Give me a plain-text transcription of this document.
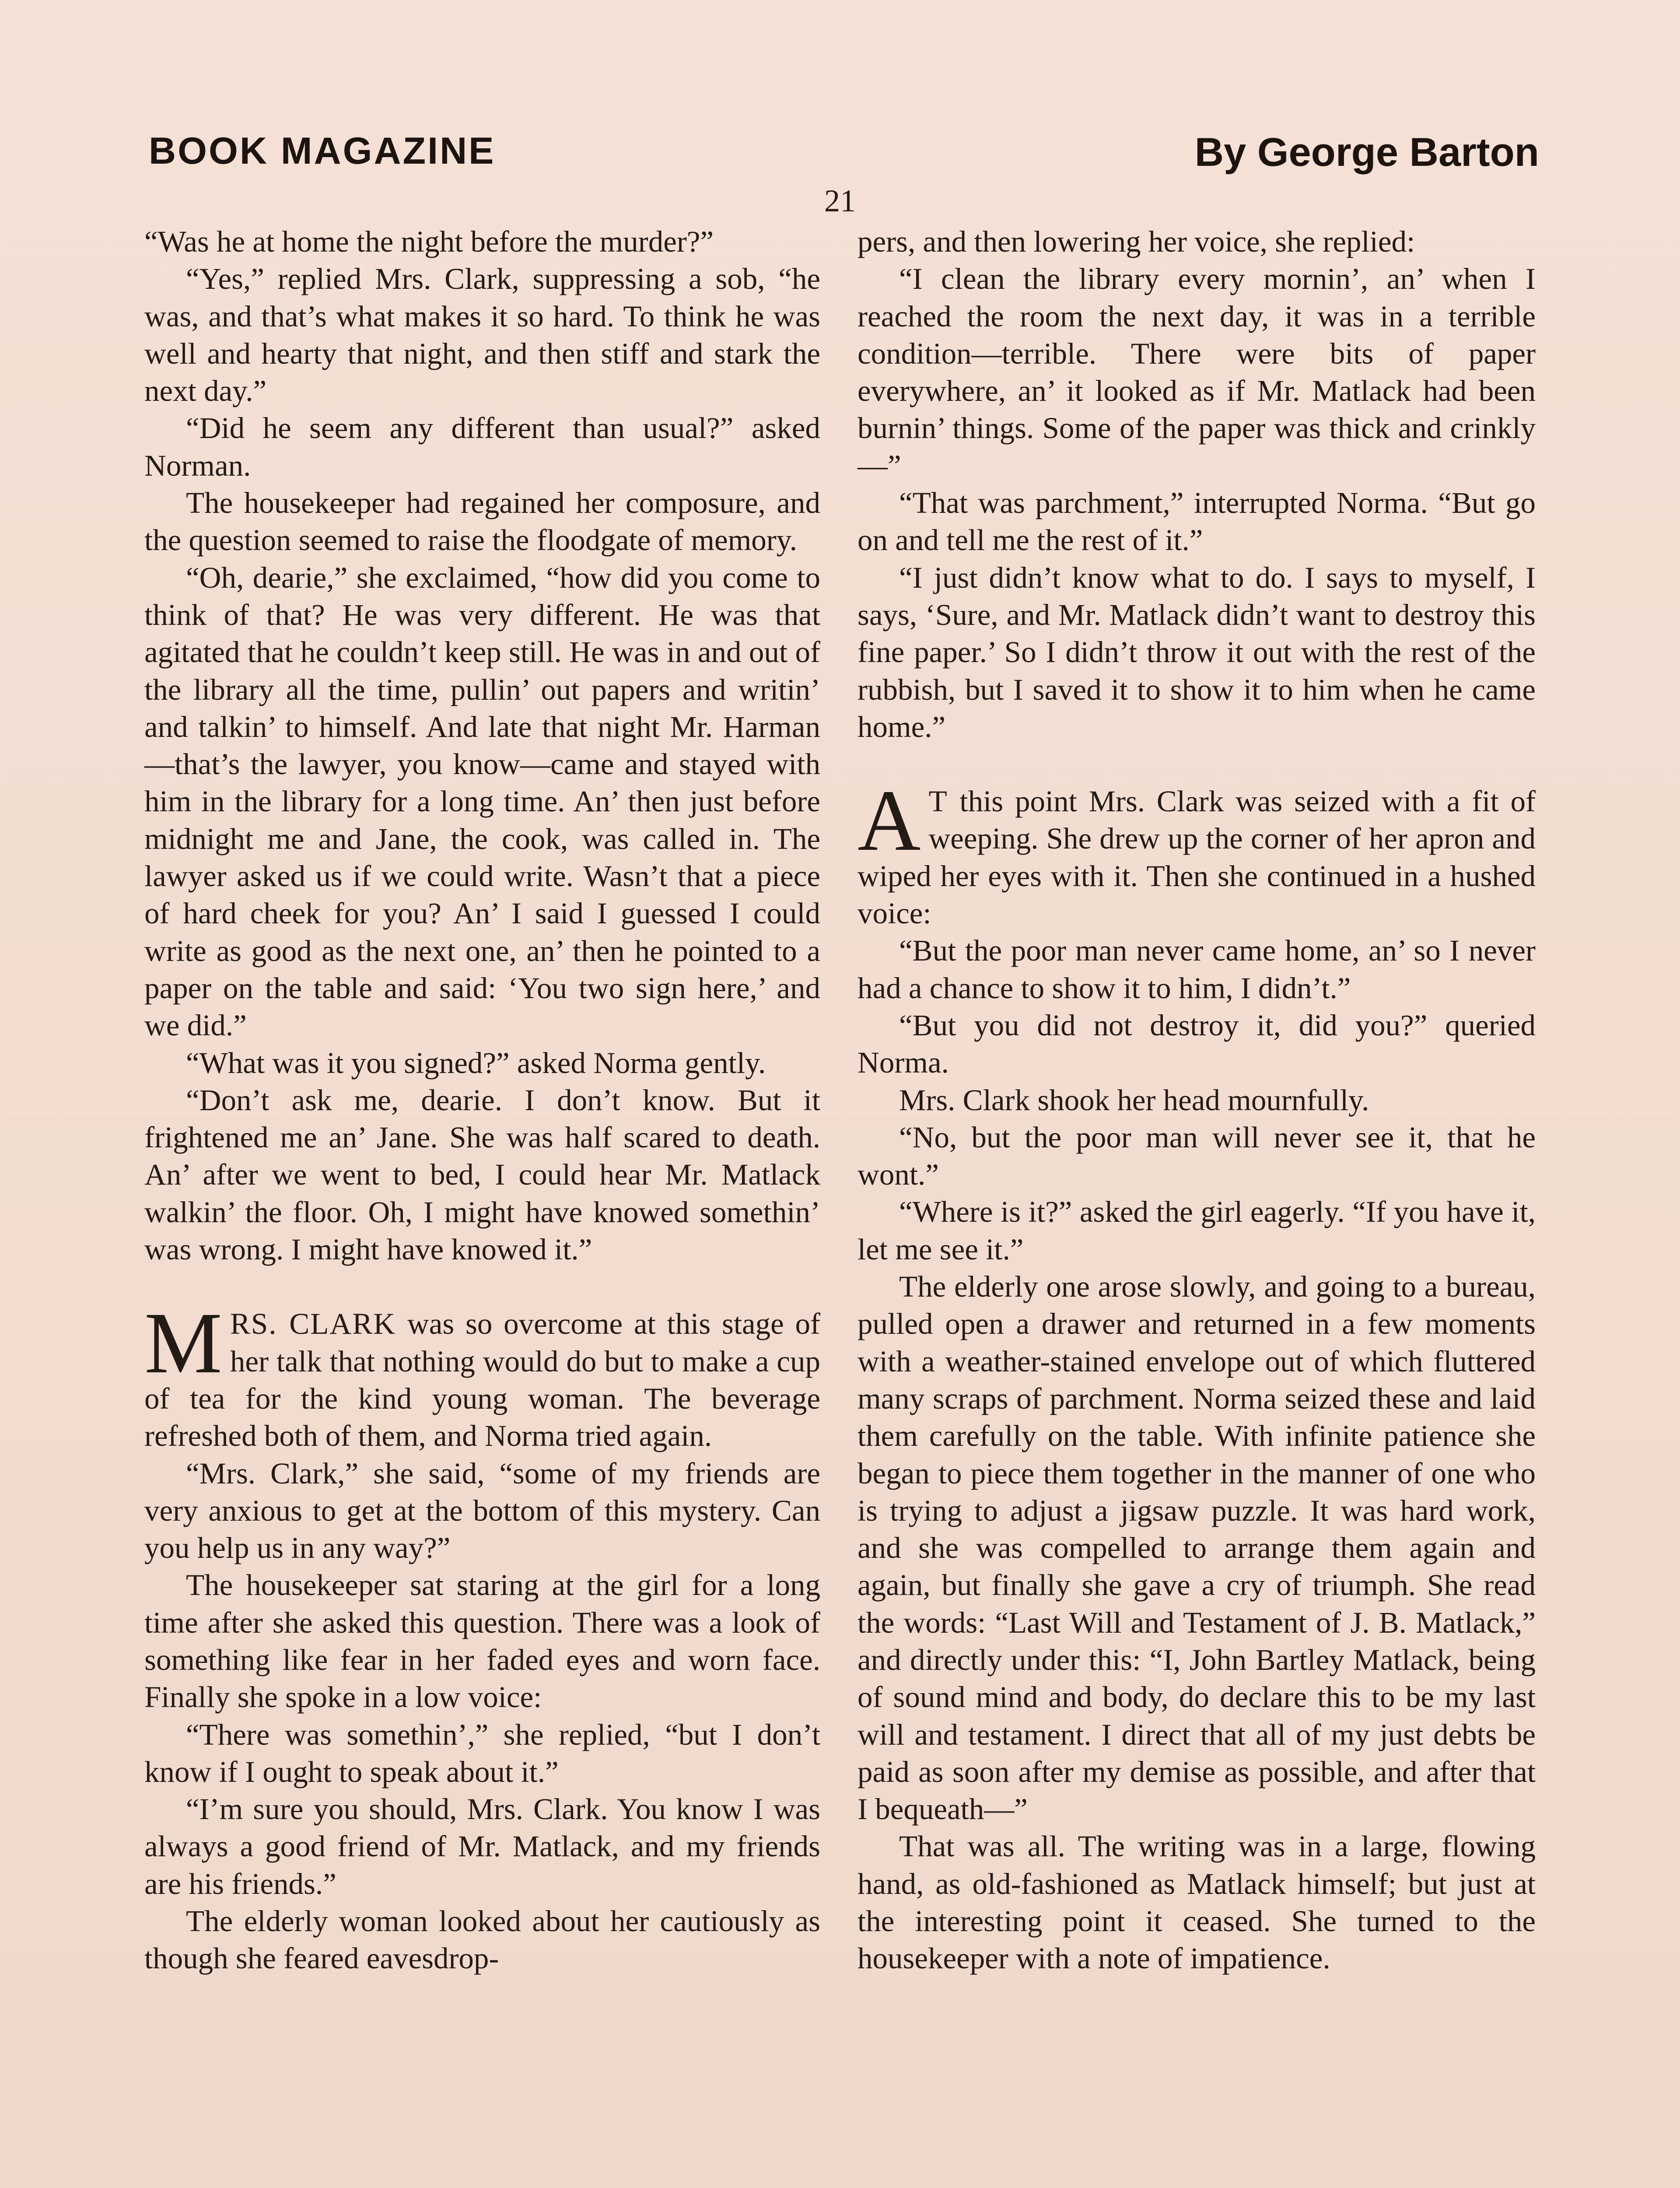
BOOK MAGAZINE	By George Barton
21

“Was he at home the night before the murder?”

“Yes,” replied Mrs. Clark, suppressing a sob, “he was, and that’s what makes it so hard. To think he was well and hearty that night, and then stiff and stark the next day.”

“Did he seem any different than usual?” asked Norman.

The housekeeper had regained her composure, and the question seemed to raise the floodgate of memory.

“Oh, dearie,” she exclaimed, “how did you come to think of that? He was very different. He was that agitated that he couldn’t keep still. He was in and out of the library all the time, pullin’ out papers and writin’ and talkin’ to himself. And late that night Mr. Harman—that’s the lawyer, you know—came and stayed with him in the library for a long time. An’ then just before midnight me and Jane, the cook, was called in. The lawyer asked us if we could write. Wasn’t that a piece of hard cheek for you? An’ I said I guessed I could write as good as the next one, an’ then he pointed to a paper on the table and said: ‘You two sign here,’ and we did.”

“What was it you signed?” asked Norma gently.

“Don’t ask me, dearie. I don’t know. But it frightened me an’ Jane. She was half scared to death. An’ after we went to bed, I could hear Mr. Matlack walkin’ the floor. Oh, I might have knowed somethin’ was wrong. I might have knowed it.”

MRS. CLARK was so overcome at this stage of her talk that nothing would do but to make a cup of tea for the kind young woman. The beverage refreshed both of them, and Norma tried again.

“Mrs. Clark,” she said, “some of my friends are very anxious to get at the bottom of this mystery. Can you help us in any way?”

The housekeeper sat staring at the girl for a long time after she asked this question. There was a look of something like fear in her faded eyes and worn face. Finally she spoke in a low voice:

“There was somethin’,” she replied, “but I don’t know if I ought to speak about it.”

“I’m sure you should, Mrs. Clark. You know I was always a good friend of Mr. Matlack, and my friends are his friends.”

The elderly woman looked about her cautiously as though she feared eavesdrop-

pers, and then lowering her voice, she replied:

“I clean the library every mornin’, an’ when I reached the room the next day, it was in a terrible condition—terrible. There were bits of paper everywhere, an’ it looked as if Mr. Matlack had been burnin’ things. Some of the paper was thick and crinkly—”

“That was parchment,” interrupted Norma. “But go on and tell me the rest of it.”

“I just didn’t know what to do. I says to myself, I says, ‘Sure, and Mr. Matlack didn’t want to destroy this fine paper.’ So I didn’t throw it out with the rest of the rubbish, but I saved it to show it to him when he came home.”

A T this point Mrs. Clark was seized with a fit of weeping. She drew up the corner of her apron and wiped her eyes with it. Then she continued in a hushed voice:

“But the poor man never came home, an’ so I never had a chance to show it to him, I didn’t.”

“But you did not destroy it, did you?” queried Norma.

Mrs. Clark shook her head mournfully.

“No, but the poor man will never see it, that he wont.”

“Where is it?” asked the girl eagerly. “If you have it, let me see it.”

The elderly one arose slowly, and going to a bureau, pulled open a drawer and returned in a few moments with a weather-stained envelope out of which fluttered many scraps of parchment. Norma seized these and laid them carefully on the table. With infinite patience she began to piece them together in the manner of one who is trying to adjust a jigsaw puzzle. It was hard work, and she was compelled to arrange them again and again, but finally she gave a cry of triumph. She read the words: “Last Will and Testament of J. B. Matlack,” and directly under this: “I, John Bartley Matlack, being of sound mind and body, do declare this to be my last will and testament. I direct that all of my just debts be paid as soon after my demise as possible, and after that I bequeath—”

That was all. The writing was in a large, flowing hand, as old-fashioned as Matlack himself; but just at the interesting point it ceased. She turned to the housekeeper with a note of impatience.
